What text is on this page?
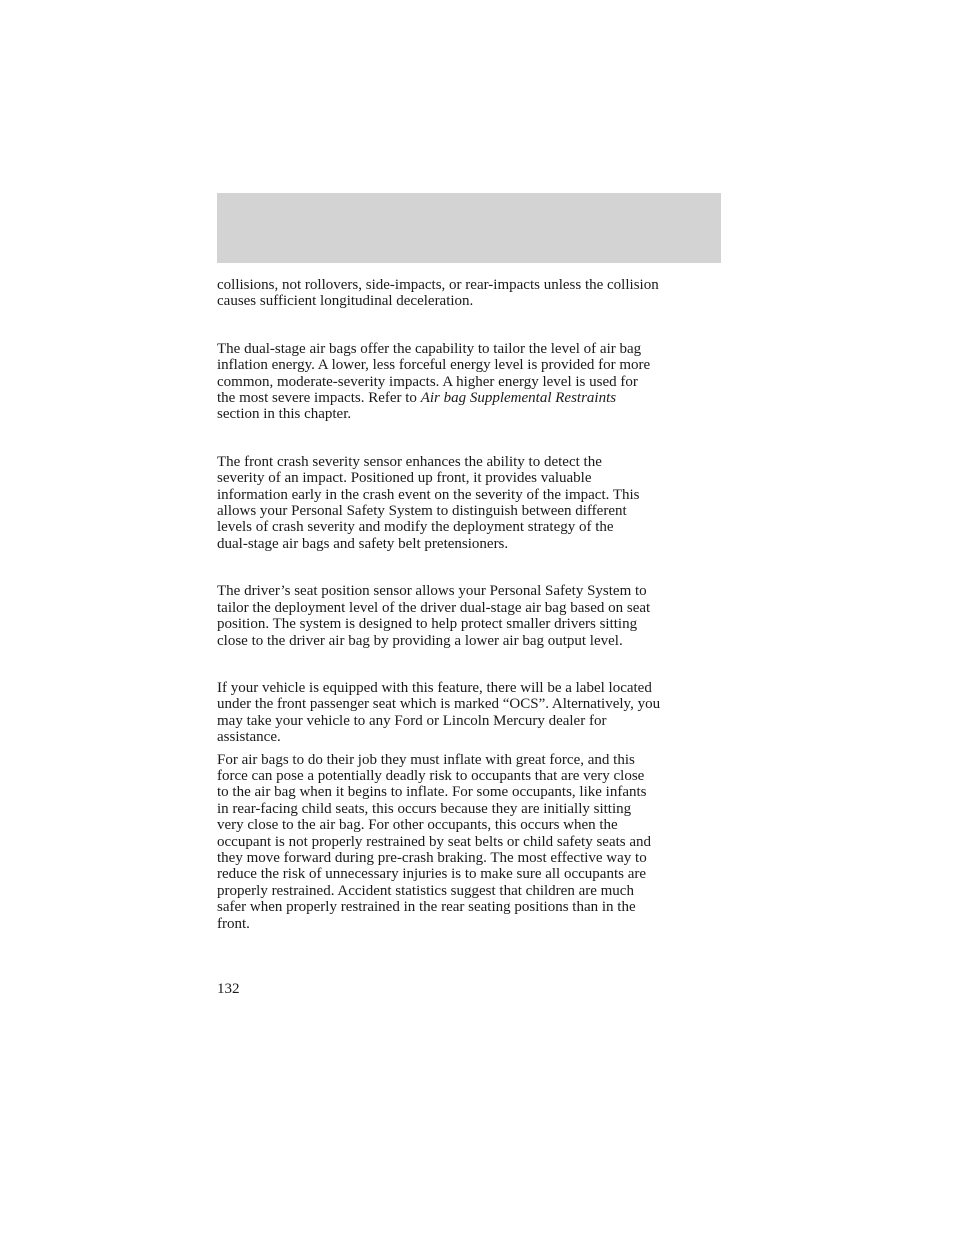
collisions, not rollovers, side-impacts, or rear-impacts unless the collision
causes sufficient longitudinal deceleration.

The dual-stage air bags offer the capability to tailor the level of air bag
inflation energy. A lower, less forceful energy level is provided for more
common, moderate-severity impacts. A higher energy level is used for
the most severe impacts. Refer to Air bag Supplemental Restraints
section in this chapter.

The front crash severity sensor enhances the ability to detect the
severity of an impact. Positioned up front, it provides valuable
information early in the crash event on the severity of the impact. This
allows your Personal Safety System to distinguish between different
levels of crash severity and modify the deployment strategy of the
dual-stage air bags and safety belt pretensioners.

The driver’s seat position sensor allows your Personal Safety System to
tailor the deployment level of the driver dual-stage air bag based on seat
position. The system is designed to help protect smaller drivers sitting
close to the driver air bag by providing a lower air bag output level.

If your vehicle is equipped with this feature, there will be a label located
under the front passenger seat which is marked “OCS”. Alternatively, you
may take your vehicle to any Ford or Lincoln Mercury dealer for
assistance.

For air bags to do their job they must inflate with great force, and this
force can pose a potentially deadly risk to occupants that are very close
to the air bag when it begins to inflate. For some occupants, like infants
in rear-facing child seats, this occurs because they are initially sitting
very close to the air bag. For other occupants, this occurs when the
occupant is not properly restrained by seat belts or child safety seats and
they move forward during pre-crash braking. The most effective way to
reduce the risk of unnecessary injuries is to make sure all occupants are
properly restrained. Accident statistics suggest that children are much
safer when properly restrained in the rear seating positions than in the
front.

132
